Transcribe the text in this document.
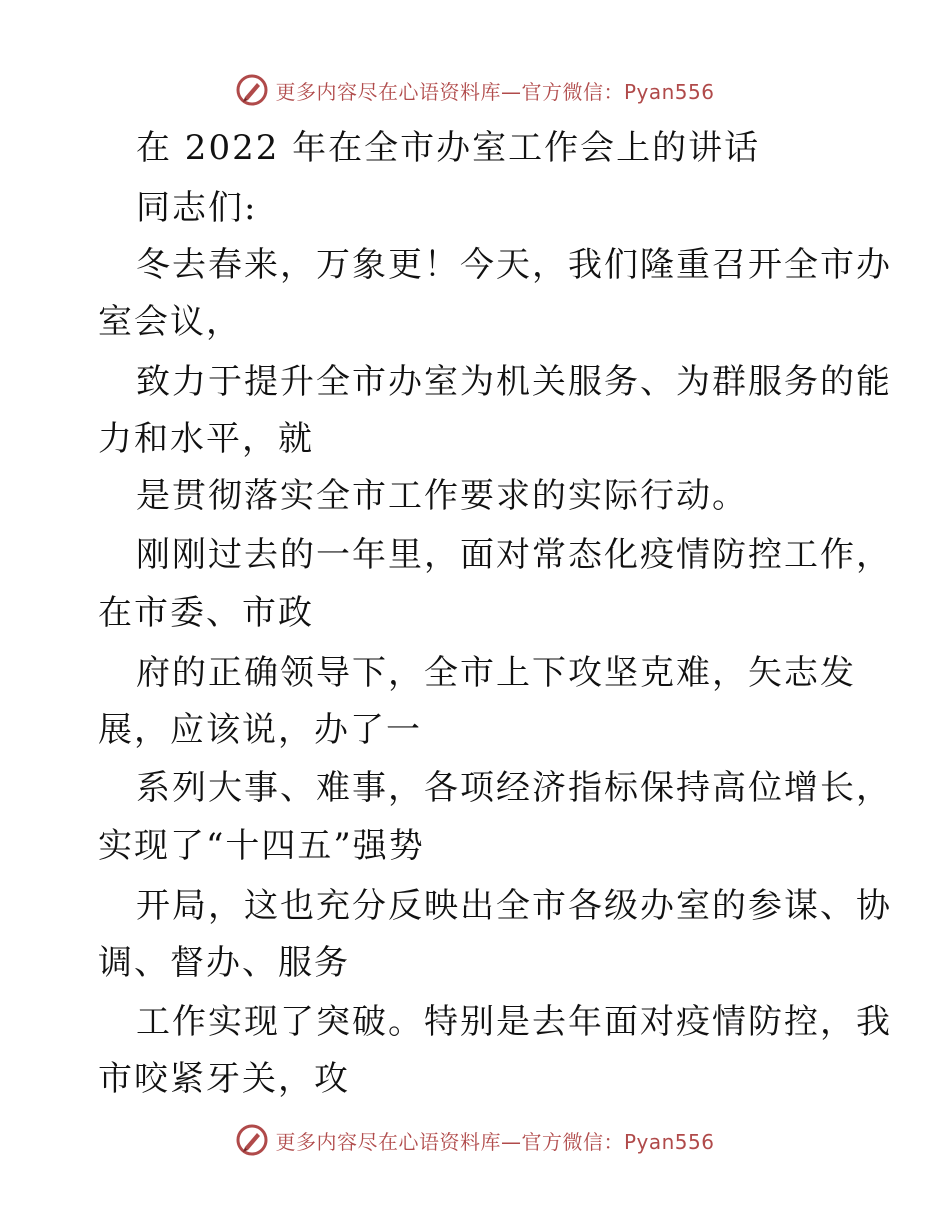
更多内容尽在心语资料库—官方微信：Pyan556
在 2022 年在全市办室工作会上的讲话
同志们:
冬去春来，万象更！今天，我们隆重召开全市办
室会议，
致力于提升全市办室为机关服务、为群服务的能
力和水平，就
是贯彻落实全市工作要求的实际行动。
刚刚过去的一年里，面对常态化疫情防控工作，
在市委、市政
府的正确领导下，全市上下攻坚克难，矢志发
展，应该说，办了一
系列大事、难事，各项经济指标保持高位增长，
实现了“十四五”强势
开局，这也充分反映出全市各级办室的参谋、协
调、督办、服务
工作实现了突破。特别是去年面对疫情防控，我
市咬紧牙关，攻
更多内容尽在心语资料库—官方微信：Pyan556
